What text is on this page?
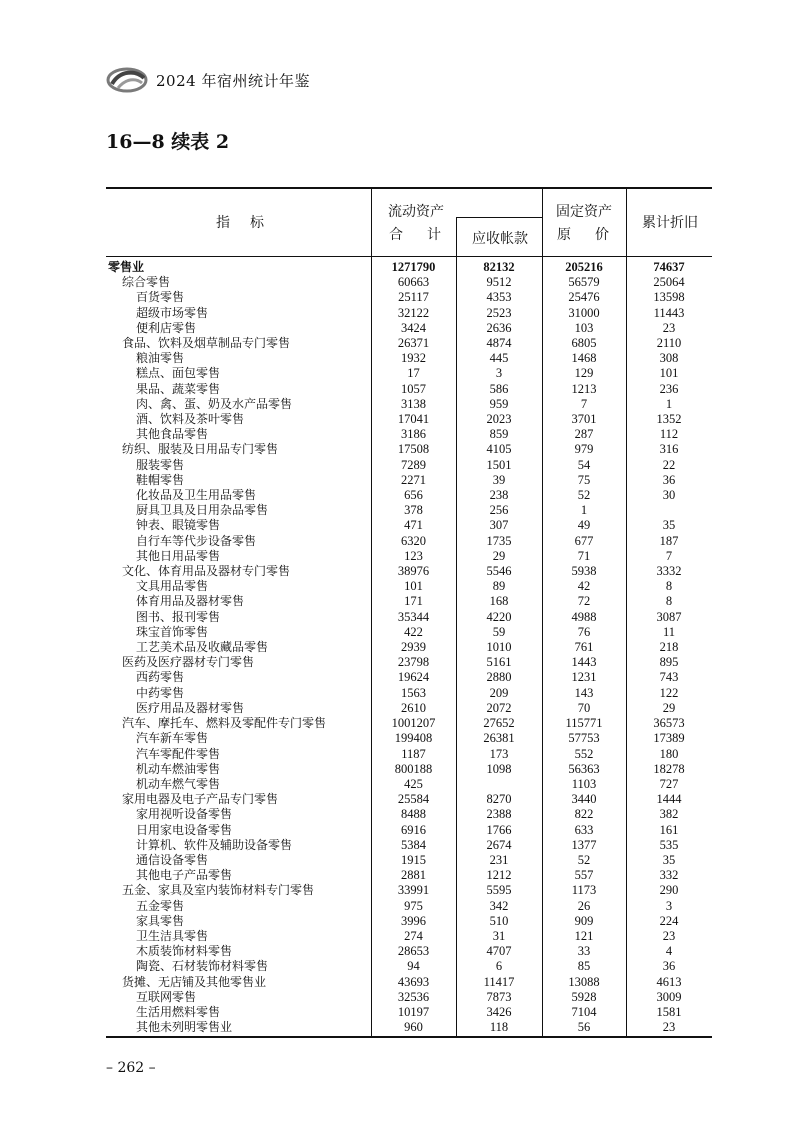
2024 年宿州统计年鉴
16—8 续表 2
指 标
流动资产
合 计	应收帐款
固定资产
原 价
累计折旧
零售业	1271790	82132	205216	74637
综合零售	60663	9512	56579	25064
百货零售	25117	4353	25476	13598
超级市场零售	32122	2523	31000	11443
便利店零售	3424	2636	103	23
食品、饮料及烟草制品专门零售	26371	4874	6805	2110
粮油零售	1932	445	1468	308
糕点、面包零售	17	3	129	101
果品、蔬菜零售	1057	586	1213	236
肉、禽、蛋、奶及水产品零售	3138	959	7	1
酒、饮料及茶叶零售	17041	2023	3701	1352
其他食品零售	3186	859	287	112
纺织、服装及日用品专门零售	17508	4105	979	316
服装零售	7289	1501	54	22
鞋帽零售	2271	39	75	36
化妆品及卫生用品零售	656	238	52	30
厨具卫具及日用杂品零售	378	256	1	
钟表、眼镜零售	471	307	49	35
自行车等代步设备零售	6320	1735	677	187
其他日用品零售	123	29	71	7
文化、体育用品及器材专门零售	38976	5546	5938	3332
文具用品零售	101	89	42	8
体育用品及器材零售	171	168	72	8
图书、报刊零售	35344	4220	4988	3087
珠宝首饰零售	422	59	76	11
工艺美术品及收藏品零售	2939	1010	761	218
医药及医疗器材专门零售	23798	5161	1443	895
西药零售	19624	2880	1231	743
中药零售	1563	209	143	122
医疗用品及器材零售	2610	2072	70	29
汽车、摩托车、燃料及零配件专门零售	1001207	27652	115771	36573
汽车新车零售	199408	26381	57753	17389
汽车零配件零售	1187	173	552	180
机动车燃油零售	800188	1098	56363	18278
机动车燃气零售	425		1103	727
家用电器及电子产品专门零售	25584	8270	3440	1444
家用视听设备零售	8488	2388	822	382
日用家电设备零售	6916	1766	633	161
计算机、软件及辅助设备零售	5384	2674	1377	535
通信设备零售	1915	231	52	35
其他电子产品零售	2881	1212	557	332
五金、家具及室内装饰材料专门零售	33991	5595	1173	290
五金零售	975	342	26	3
家具零售	3996	510	909	224
卫生洁具零售	274	31	121	23
木质装饰材料零售	28653	4707	33	4
陶瓷、石材装饰材料零售	94	6	85	36
货摊、无店铺及其他零售业	43693	11417	13088	4613
互联网零售	32536	7873	5928	3009
生活用燃料零售	10197	3426	7104	1581
其他未列明零售业	960	118	56	23
– 262 –
